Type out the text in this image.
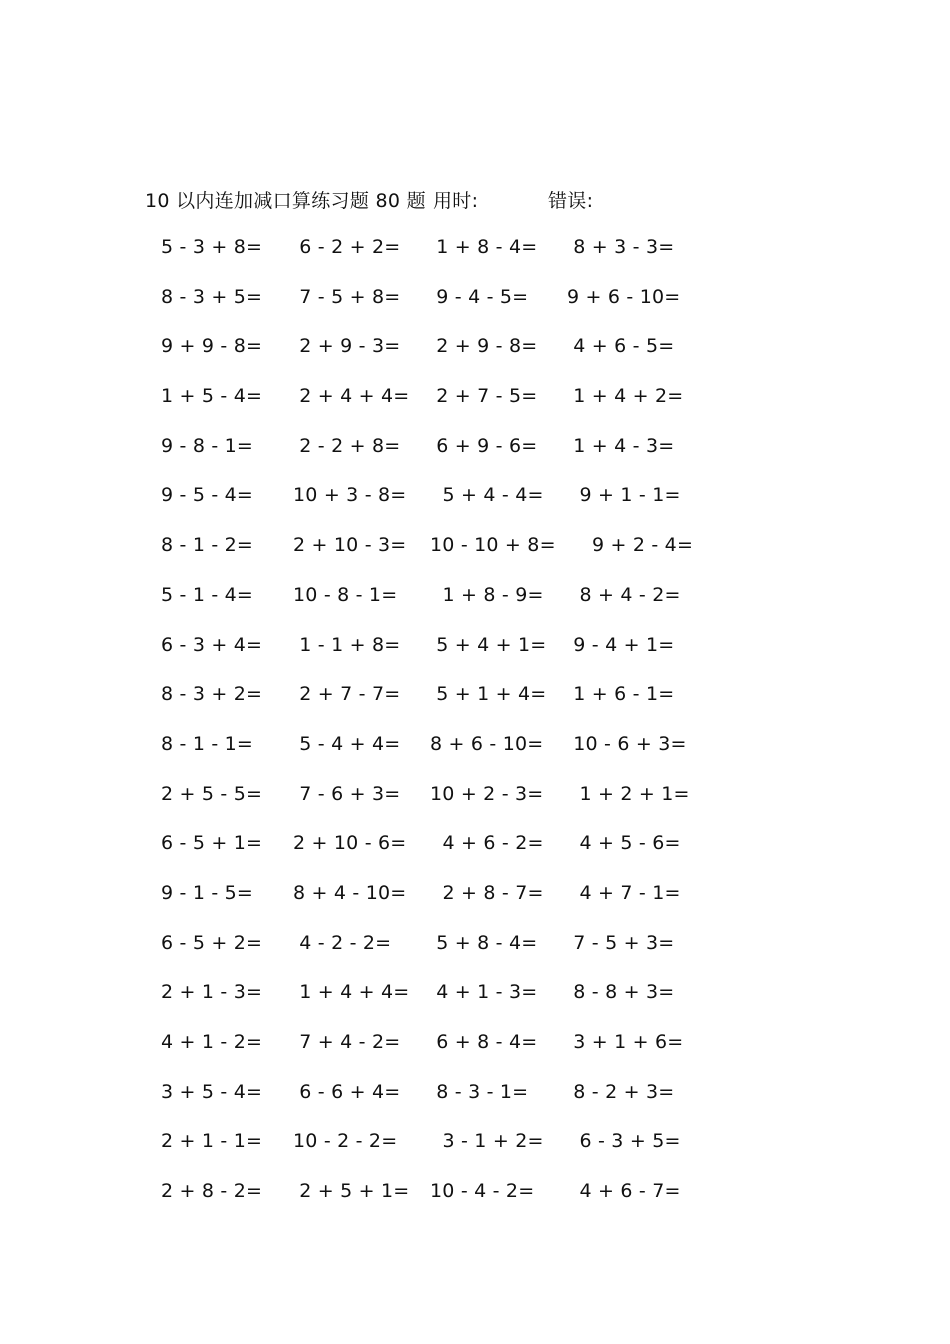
10 以内连加减口算练习题 80 题 用时:	错误:
5 - 3 + 8= 6 - 2 + 2= 1 + 8 - 4= 8 + 3 - 3=
8 - 3 + 5= 7 - 5 + 8= 9 - 4 - 5= 9 + 6 - 10=
9 + 9 - 8= 2 + 9 - 3= 2 + 9 - 8= 4 + 6 - 5=
1 + 5 - 4= 2 + 4 + 4= 2 + 7 - 5= 1 + 4 + 2=
9 - 8 - 1= 2 - 2 + 8= 6 + 9 - 6= 1 + 4 - 3=
9 - 5 - 4= 10 + 3 - 8= 5 + 4 - 4= 9 + 1 - 1=
8 - 1 - 2= 2 + 10 - 3= 10 - 10 + 8= 9 + 2 - 4=
5 - 1 - 4= 10 - 8 - 1= 1 + 8 - 9= 8 + 4 - 2=
6 - 3 + 4= 1 - 1 + 8= 5 + 4 + 1= 9 - 4 + 1=
8 - 3 + 2= 2 + 7 - 7= 5 + 1 + 4= 1 + 6 - 1=
8 - 1 - 1= 5 - 4 + 4= 8 + 6 - 10= 10 - 6 + 3=
2 + 5 - 5= 7 - 6 + 3= 10 + 2 - 3= 1 + 2 + 1=
6 - 5 + 1= 2 + 10 - 6= 4 + 6 - 2= 4 + 5 - 6=
9 - 1 - 5= 8 + 4 - 10= 2 + 8 - 7= 4 + 7 - 1=
6 - 5 + 2= 4 - 2 - 2= 5 + 8 - 4= 7 - 5 + 3=
2 + 1 - 3= 1 + 4 + 4= 4 + 1 - 3= 8 - 8 + 3=
4 + 1 - 2= 7 + 4 - 2= 6 + 8 - 4= 3 + 1 + 6=
3 + 5 - 4= 6 - 6 + 4= 8 - 3 - 1= 8 - 2 + 3=
2 + 1 - 1= 10 - 2 - 2= 3 - 1 + 2= 6 - 3 + 5=
2 + 8 - 2= 2 + 5 + 1= 10 - 4 - 2= 4 + 6 - 7=
